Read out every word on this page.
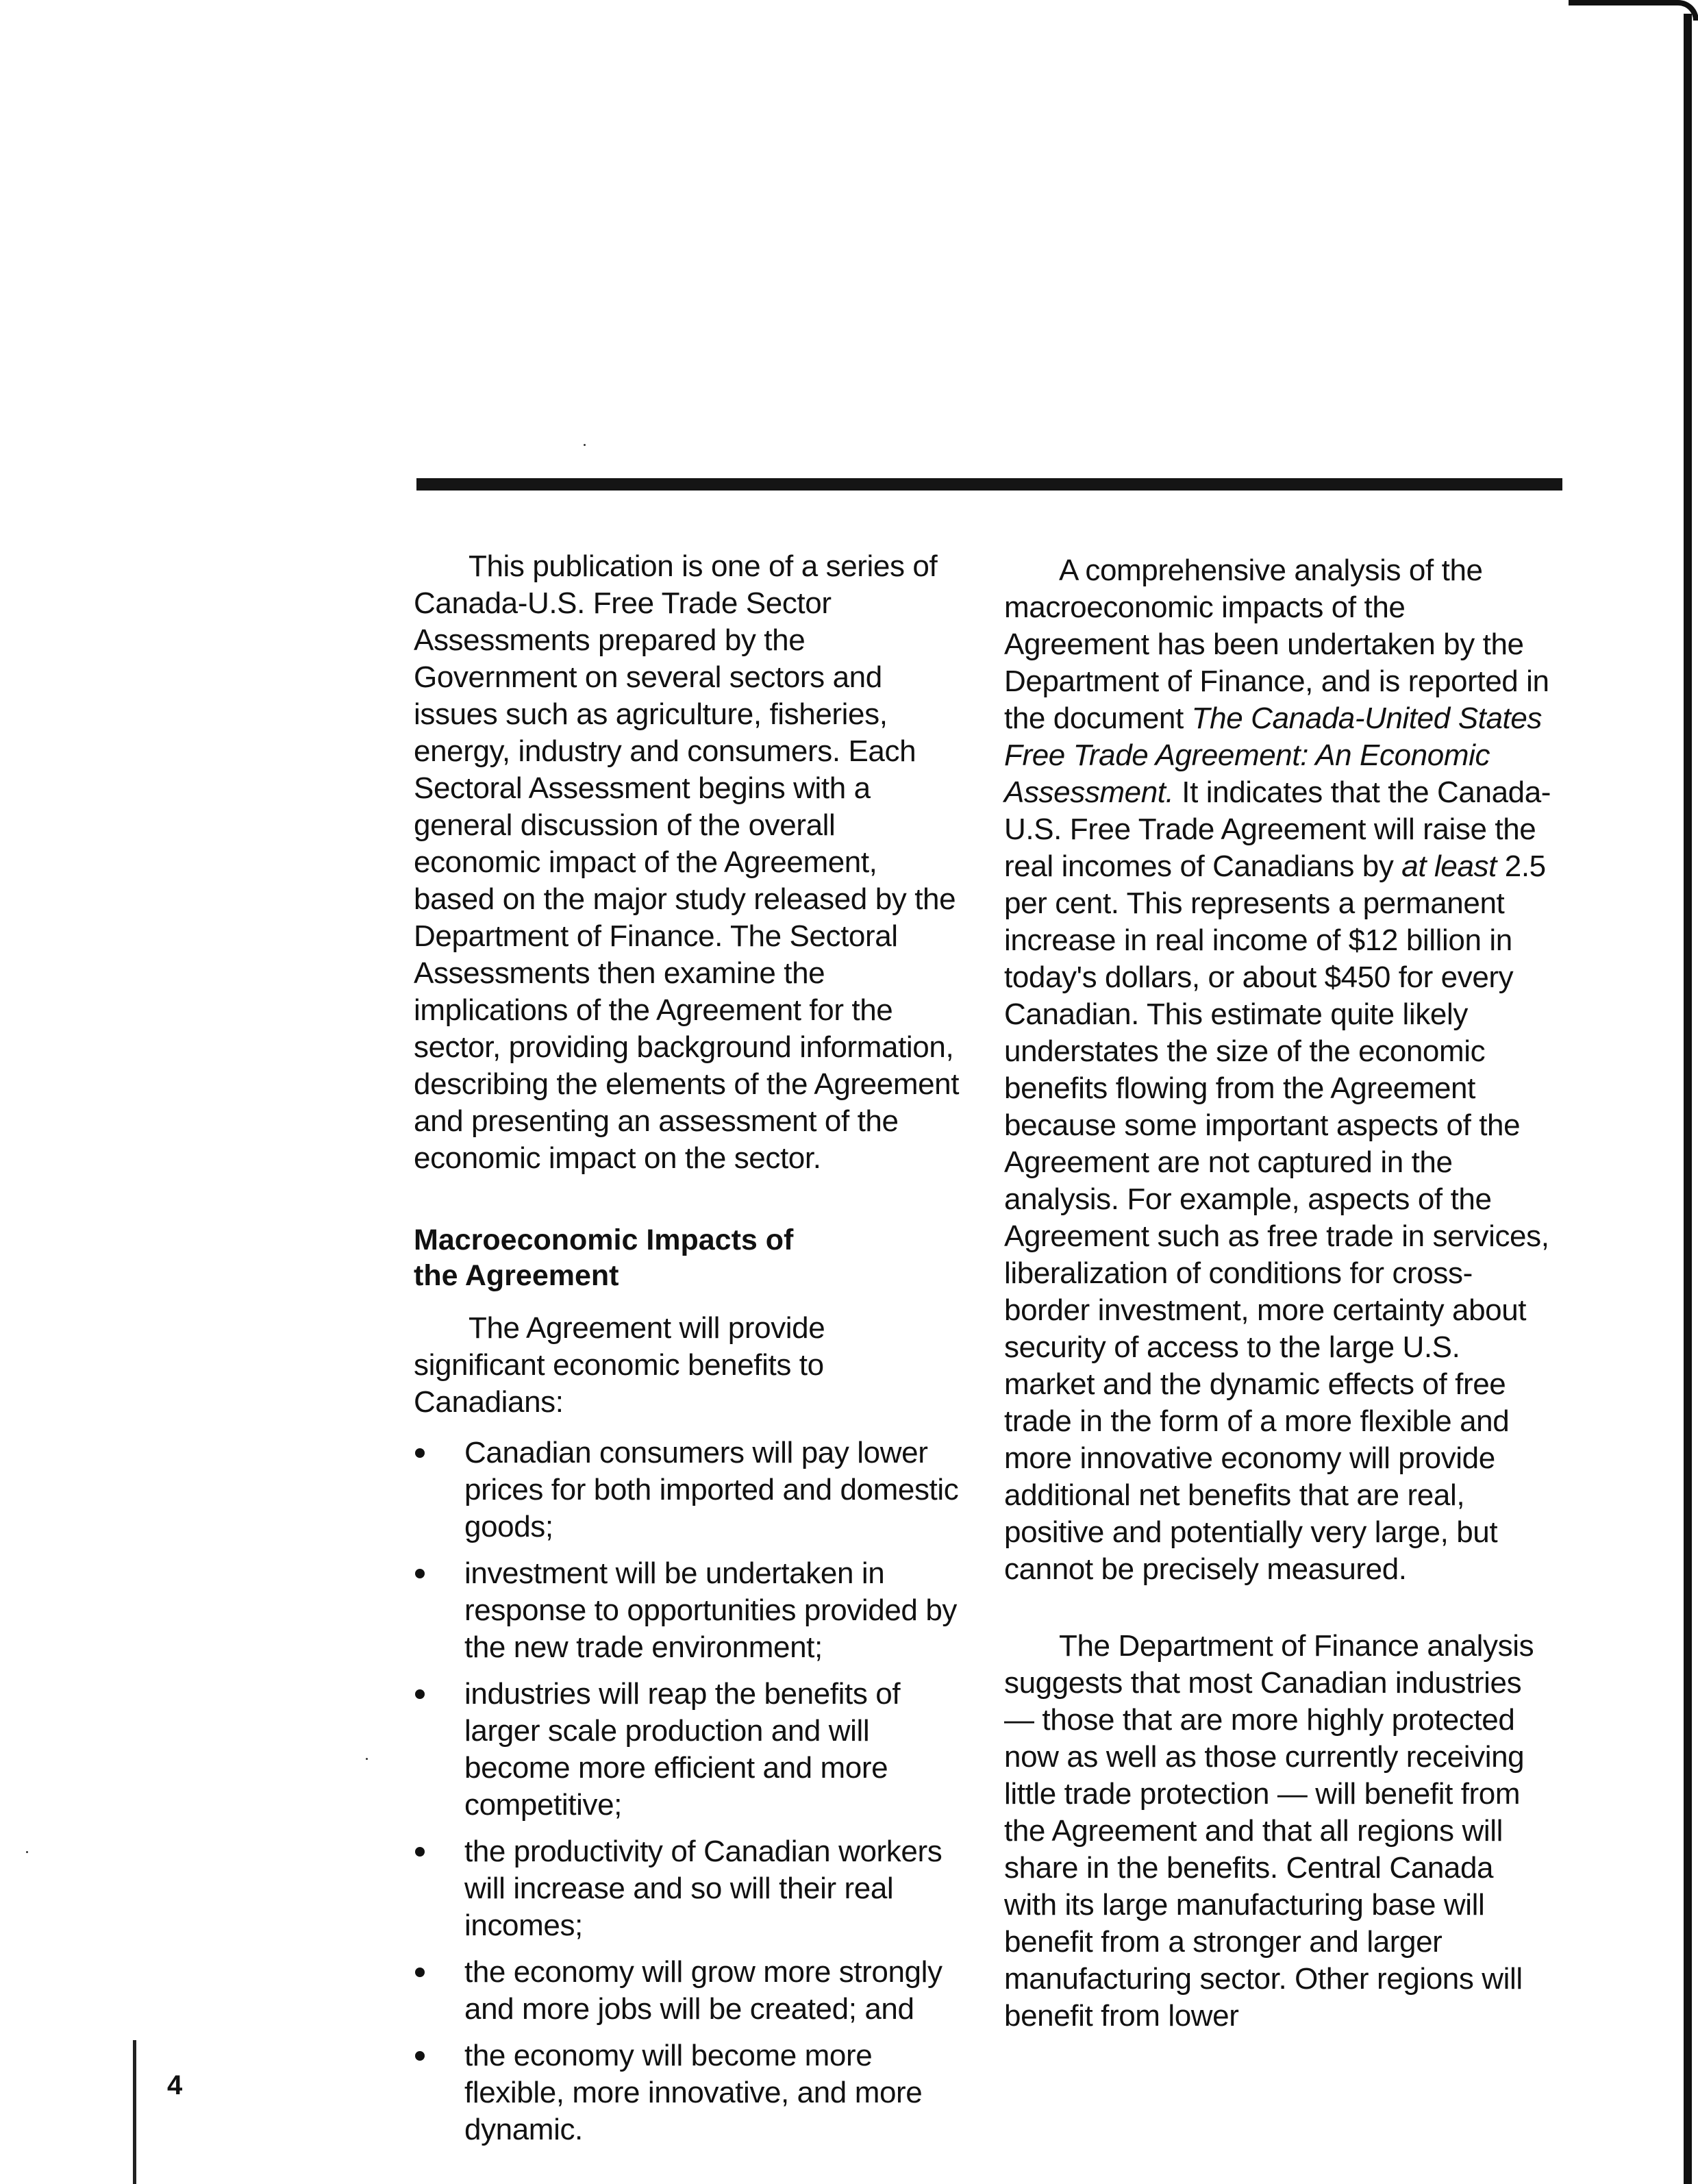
This publication is one of a series of Canada-U.S. Free Trade Sector Assessments prepared by the Government on several sectors and issues such as agriculture, fisheries, energy, industry and consumers. Each Sectoral Assessment begins with a general discussion of the overall economic impact of the Agreement, based on the major study released by the Department of Finance. The Sectoral Assessments then examine the implications of the Agreement for the sector, providing background information, describing the elements of the Agreement and presenting an assessment of the economic impact on the sector.

Macroeconomic Impacts of the Agreement

The Agreement will provide significant economic benefits to Canadians:

Canadian consumers will pay lower prices for both imported and domestic goods;
investment will be undertaken in response to opportunities provided by the new trade environment;
industries will reap the benefits of larger scale production and will become more efficient and more competitive;
the productivity of Canadian workers will increase and so will their real incomes;
the economy will grow more strongly and more jobs will be created; and
the economy will become more flexible, more innovative, and more dynamic.

A comprehensive analysis of the macroeconomic impacts of the Agreement has been undertaken by the Department of Finance, and is reported in the document The Canada-United States Free Trade Agreement: An Economic Assessment. It indicates that the Canada-U.S. Free Trade Agreement will raise the real incomes of Canadians by at least 2.5 per cent. This represents a permanent increase in real income of $12 billion in today's dollars, or about $450 for every Canadian. This estimate quite likely understates the size of the economic benefits flowing from the Agreement because some important aspects of the Agreement are not captured in the analysis. For example, aspects of the Agreement such as free trade in services, liberalization of conditions for cross-border investment, more certainty about security of access to the large U.S. market and the dynamic effects of free trade in the form of a more flexible and more innovative economy will provide additional net benefits that are real, positive and potentially very large, but cannot be precisely measured.

The Department of Finance analysis suggests that most Canadian industries — those that are more highly protected now as well as those currently receiving little trade protection — will benefit from the Agreement and that all regions will share in the benefits. Central Canada with its large manufacturing base will benefit from a stronger and larger manufacturing sector. Other regions will benefit from lower

4
